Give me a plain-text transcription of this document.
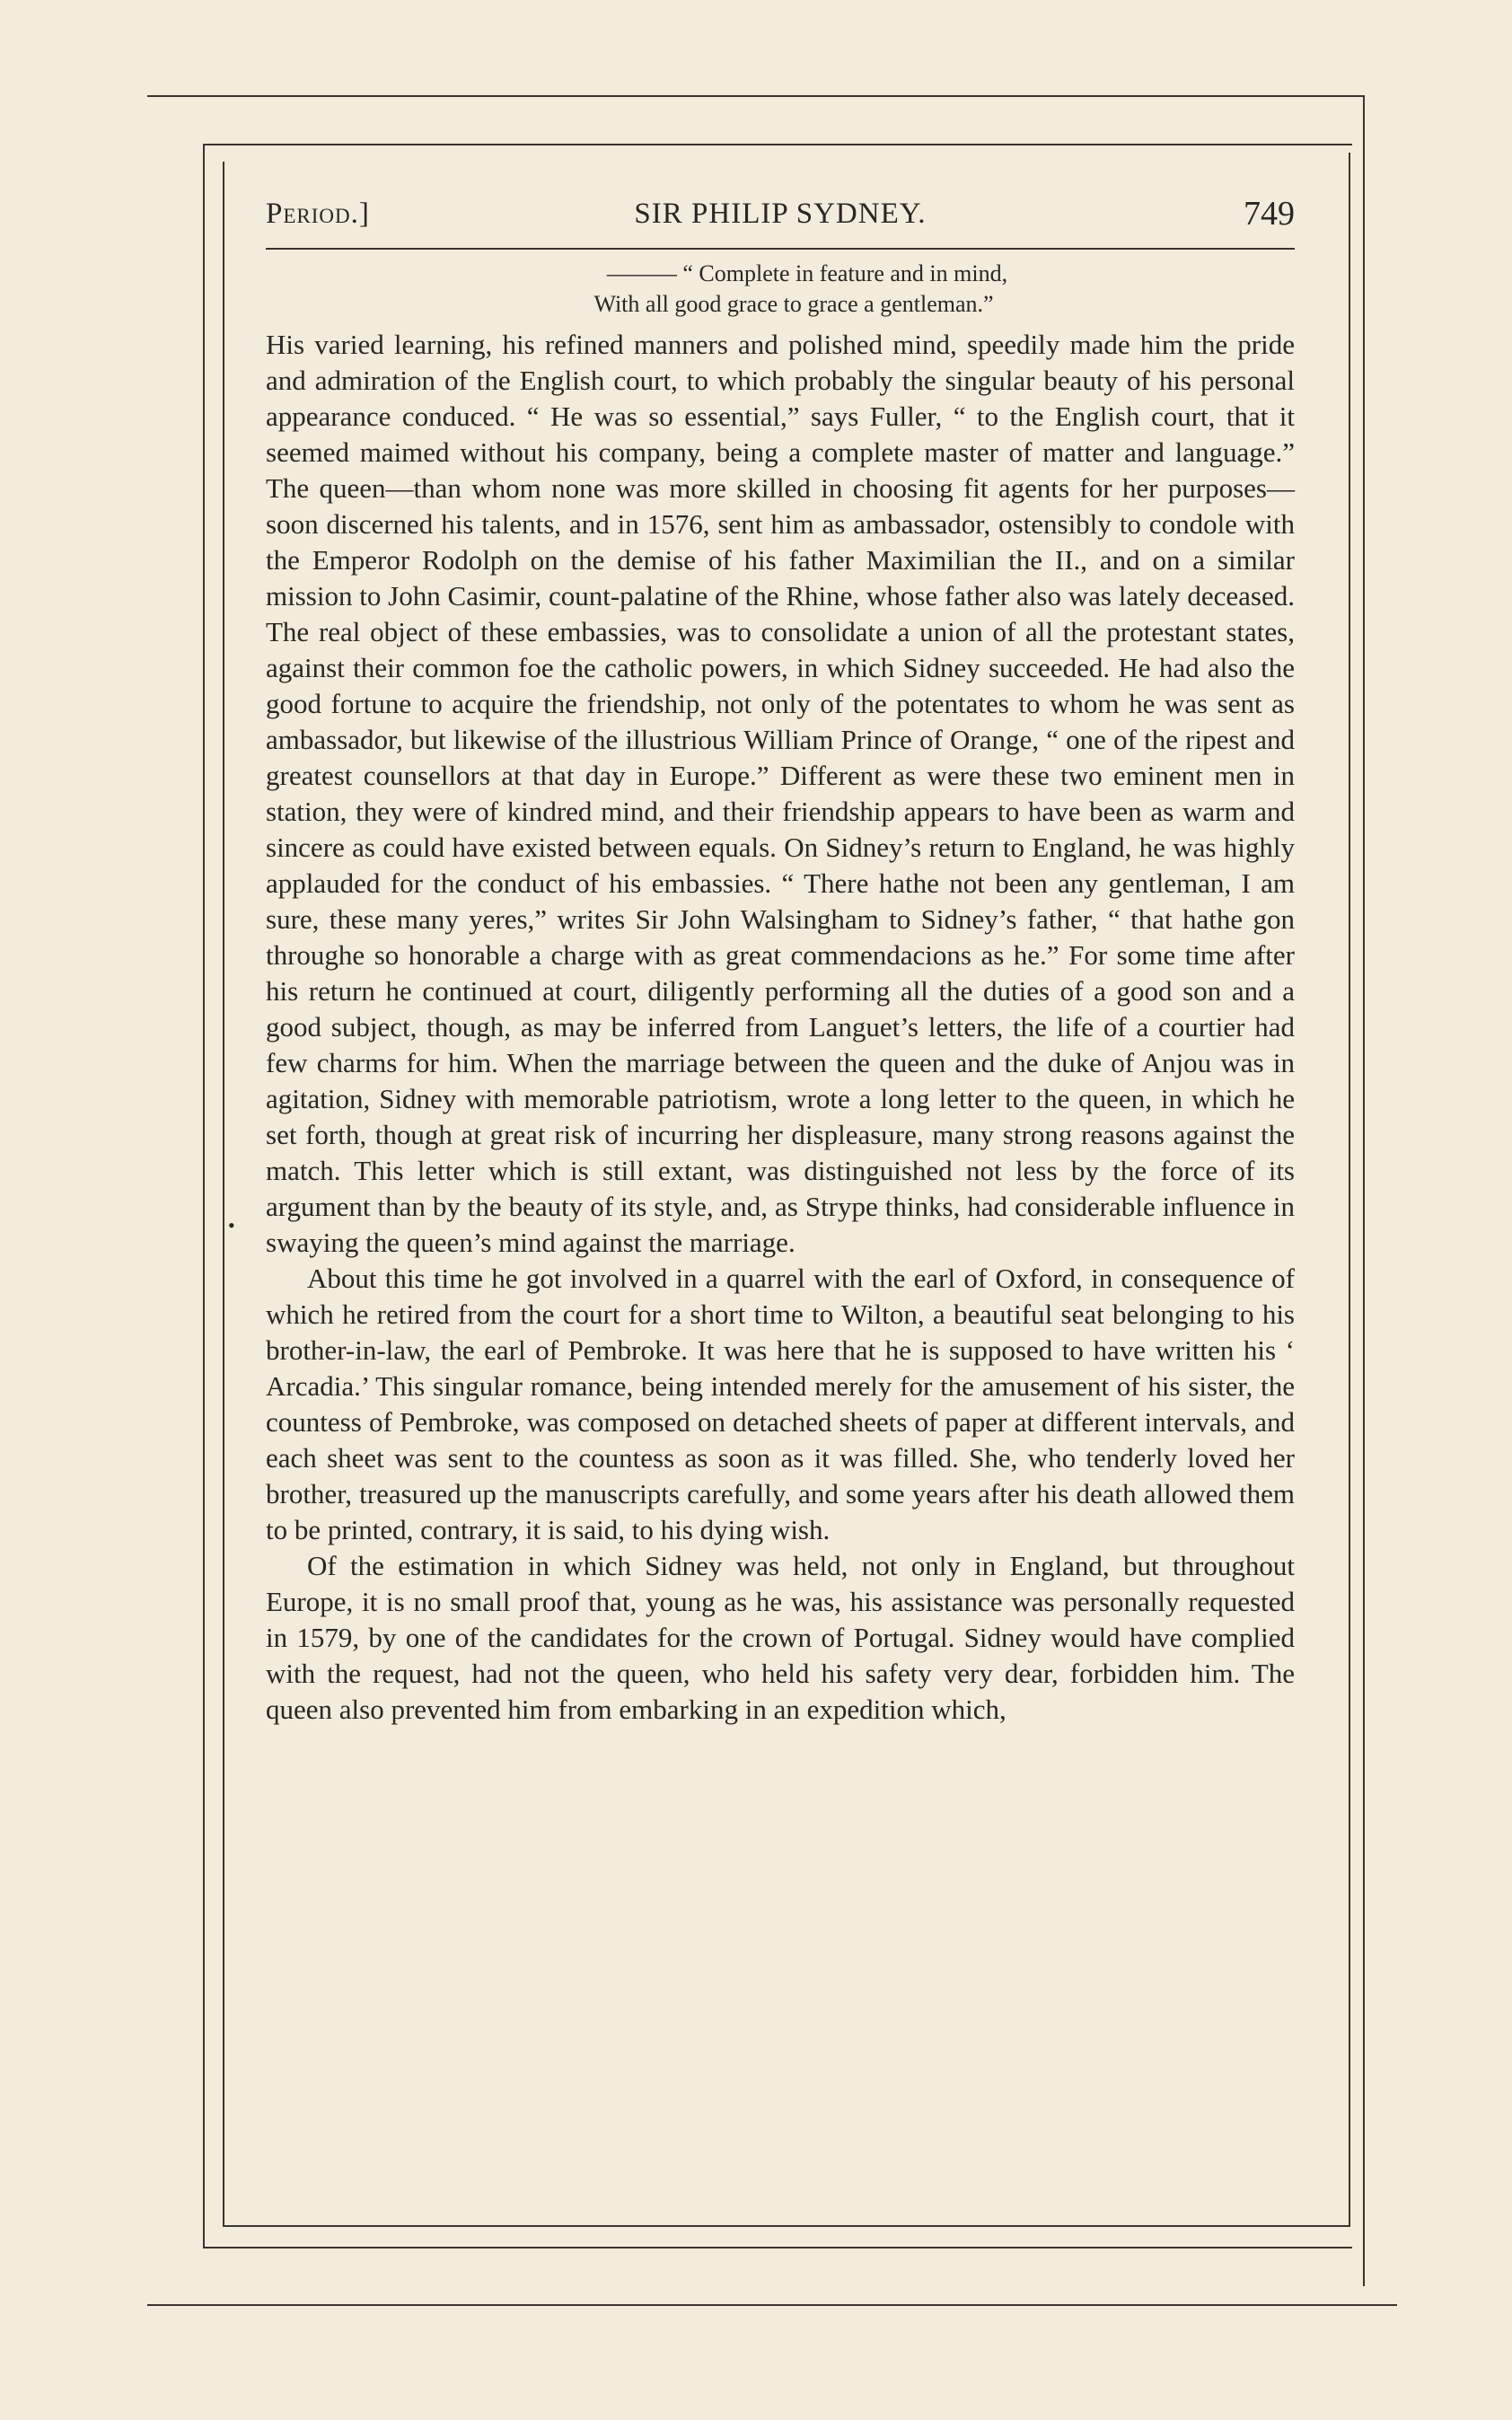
•
Period.]	SIR PHILIP SYDNEY.	749
——— “ Complete in feature and in mind,
With all good grace to grace a gentleman.”

His varied learning, his refined manners and polished mind, speedily made him the pride and admiration of the English court, to which probably the singular beauty of his personal appearance conduced. “ He was so essential,” says Fuller, “ to the English court, that it seemed maimed without his company, being a complete master of matter and language.” The queen—than whom none was more skilled in choosing fit agents for her purposes—soon discerned his talents, and in 1576, sent him as ambassador, ostensibly to condole with the Emperor Rodolph on the demise of his father Maximilian the II., and on a similar mission to John Casimir, count-palatine of the Rhine, whose father also was lately deceased. The real object of these embassies, was to consolidate a union of all the protestant states, against their common foe the catholic powers, in which Sidney succeeded. He had also the good fortune to acquire the friendship, not only of the potentates to whom he was sent as ambassador, but likewise of the illustrious William Prince of Orange, “ one of the ripest and greatest counsellors at that day in Europe.” Different as were these two eminent men in station, they were of kindred mind, and their friendship appears to have been as warm and sincere as could have existed between equals. On Sidney’s return to England, he was highly applauded for the conduct of his embassies. “ There hathe not been any gentleman, I am sure, these many yeres,” writes Sir John Walsingham to Sidney’s father, “ that hathe gon throughe so honorable a charge with as great commendacions as he.” For some time after his return he continued at court, diligently performing all the duties of a good son and a good subject, though, as may be inferred from Languet’s letters, the life of a courtier had few charms for him. When the marriage between the queen and the duke of Anjou was in agitation, Sidney with memorable patriotism, wrote a long letter to the queen, in which he set forth, though at great risk of incurring her displeasure, many strong reasons against the match. This letter which is still extant, was distinguished not less by the force of its argument than by the beauty of its style, and, as Strype thinks, had considerable influence in swaying the queen’s mind against the marriage.

About this time he got involved in a quarrel with the earl of Oxford, in consequence of which he retired from the court for a short time to Wilton, a beautiful seat belonging to his brother-in-law, the earl of Pembroke. It was here that he is supposed to have written his ‘ Arcadia.’ This singular romance, being intended merely for the amusement of his sister, the countess of Pembroke, was composed on detached sheets of paper at different intervals, and each sheet was sent to the countess as soon as it was filled. She, who tenderly loved her brother, treasured up the manuscripts carefully, and some years after his death allowed them to be printed, contrary, it is said, to his dying wish.

Of the estimation in which Sidney was held, not only in England, but throughout Europe, it is no small proof that, young as he was, his assistance was personally requested in 1579, by one of the candidates for the crown of Portugal. Sidney would have complied with the request, had not the queen, who held his safety very dear, forbidden him. The queen also prevented him from embarking in an expedition which,
